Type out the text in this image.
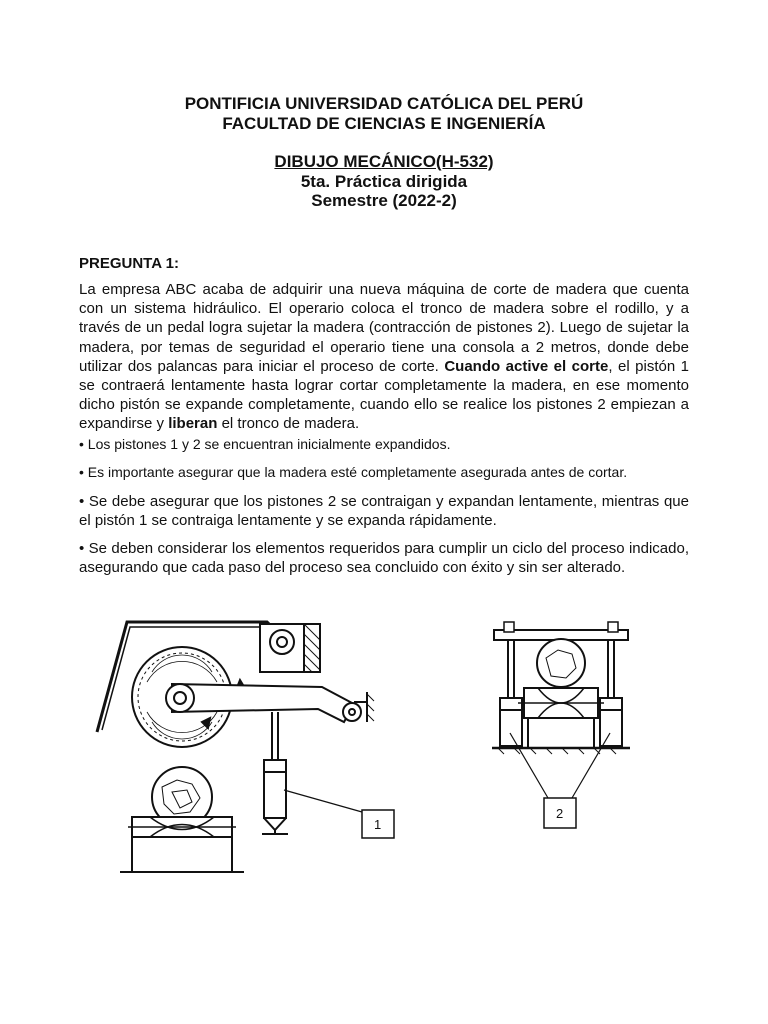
PONTIFICIA UNIVERSIDAD CATÓLICA DEL PERÚ
FACULTAD DE CIENCIAS E INGENIERÍA
DIBUJO MECÁNICO(H-532)
5ta. Práctica dirigida
Semestre (2022-2)
PREGUNTA 1:
La empresa ABC acaba de adquirir una nueva máquina de corte de madera que cuenta con un sistema hidráulico. El operario coloca el tronco de madera sobre el rodillo, y a través de un pedal logra sujetar la madera (contracción de pistones 2). Luego de sujetar la madera, por temas de seguridad el operario tiene una consola a 2 metros, donde debe utilizar dos palancas para iniciar el proceso de corte. Cuando active el corte, el pistón 1 se contraerá lentamente hasta lograr cortar completamente la madera, en ese momento dicho pistón se expande completamente, cuando ello se realice los pistones 2 empiezan a expandirse y liberan el tronco de madera.
• Los pistones 1 y 2 se encuentran inicialmente expandidos.
• Es importante asegurar que la madera esté completamente asegurada antes de cortar.
• Se debe asegurar que los pistones 2 se contraigan y expandan lentamente, mientras que el pistón 1 se contraiga lentamente y se expanda rápidamente.
• Se deben considerar los elementos requeridos para cumplir un ciclo del proceso indicado, asegurando que cada paso del proceso sea concluido con éxito y sin ser alterado.
1
2
